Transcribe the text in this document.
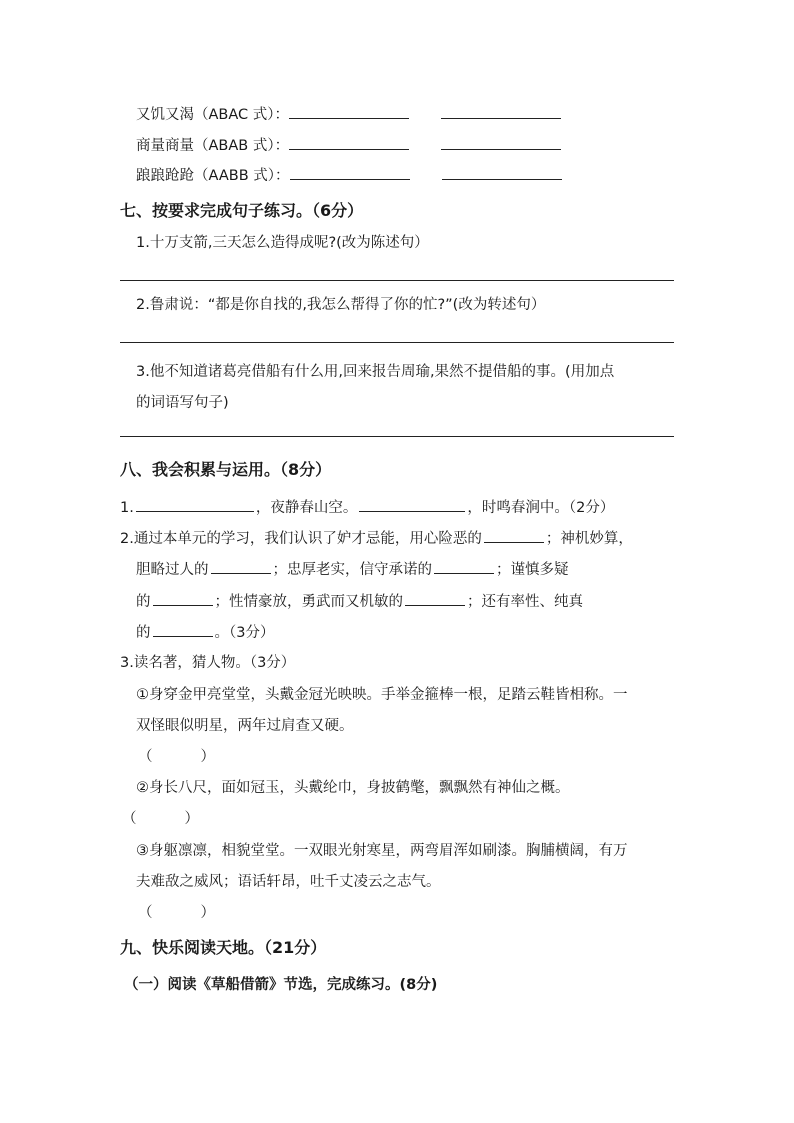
又饥又渴（ABAC 式）：
商量商量（ABAB 式）：
踉踉跄跄（AABB 式）：
七、按要求完成句子练习。（6分）
1.十万支箭,三天怎么造得成呢?(改为陈述句）
2.鲁肃说：“都是你自找的,我怎么帮得了你的忙?”(改为转述句）
3.他不知道诸葛亮借船有什么用,回来报告周瑜,果然不提借船的事。(用加点
的词语写句子)
八、我会积累与运用。（8分）
1.	，夜静春山空。	，时鸣春涧中。（2分）
2.通过本单元的学习，我们认识了妒才忌能，用心险恶的	；神机妙算，
胆略过人的	；忠厚老实，信守承诺的	；谨慎多疑
的	；性情豪放，勇武而又机敏的	；还有率性、纯真
的	。（3分）
3.读名著，猜人物。（3分）
①身穿金甲亮堂堂，头戴金冠光映映。手举金箍棒一根，足踏云鞋皆相称。一
双怪眼似明星，两年过肩查又硬。
（	）
②身长八尺，面如冠玉，头戴纶巾，身披鹤氅，飘飘然有神仙之概。
（	）
③身躯凛凛，相貌堂堂。一双眼光射寒星，两弯眉浑如刷漆。胸脯横阔，有万
夫难敌之威风；语话轩昂，吐千丈凌云之志气。
（	）
九、快乐阅读天地。（21分）
（一）阅读《草船借箭》节选，完成练习。(8分)
